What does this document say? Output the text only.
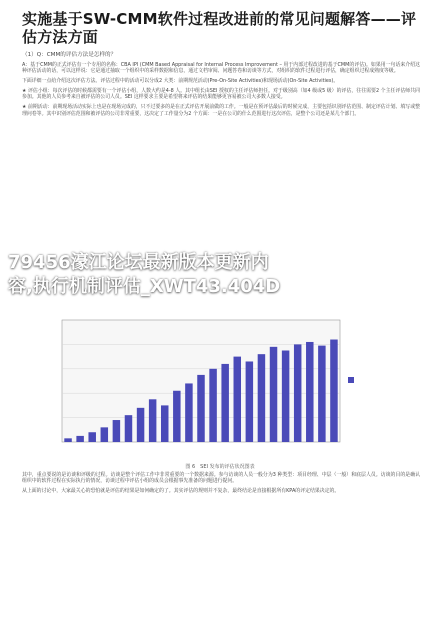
实施基于SW-CMM软件过程改进前的常见问题解答——评估方法方面
（1）Q：CMM的评估方法是怎样的？

A：基于CMM的正式评估有一个专用的名称：CBA IPI (CMM Based Appraisal for Internal Process Improvement – 用于内部过程改进的基于CMM的评估)。如果用一句话来介绍这种评估活动的话，可以这样说：它是通过抽取一个组织中的采样数据和信息，通过文档审阅、问题答卷和访谈等方式，对组织的软件过程进行评估，确定组织过程成熟度等级。

下面详细一点给介绍这次评估方法。评估过程中的活动可以分成2 大类：前期规范活动(Pre-On-Site Activities)和现场活动(On-Site Activities)。

★ 评估小组：每次评估的时候都需要有一个评估小组，人数大约是4-8 人。其中组长由SEI 授权的主任评估师担任。对于级别高（如4 级或5 级）的评估，往往需要2 个主任评估师共同参加。其他的人员参考来自被评估的公司人员。SEI 这样要求主要是希望将来评估的结果能够更容易被公司大多数人接受。

★ 前期活动：前期现场活动实际上也是在现场完成的，只不过要多的是在正式评估开展前做的工作。一般是在预评估最后的时候完成，主要包括识别评估范围、制定评估计划、填写或整理问卷等。其中识别评估范围和被评估的公司非常重要，这决定了工作量分为2 个方面：一是在公司的什么范围进行这次评估，是整个公司还是某几个部门。

79456濠江论坛最新版本更新内
容,执行机制评估_XWT43.404D
图 6　SEI 发布的评估状况图表

其中，重点要说的是访谈和评级的过程。访谈是整个评估工作中非常重要的一个数据来源。参与访谈的人员一般分为3 种类型：项目经理、中层（一般）和底层人员。访谈的目的是确认组织中的软件过程在实际执行的情况，访谈过程中评估小组的成员会根据事先准备的问题进行提问。

从上面的讨论中，大家最关心的恐怕就是评估的结果是如何确定的了。其实评估的规则并不复杂，最终结论是直接根据所有KPA的评定结果决定的。
